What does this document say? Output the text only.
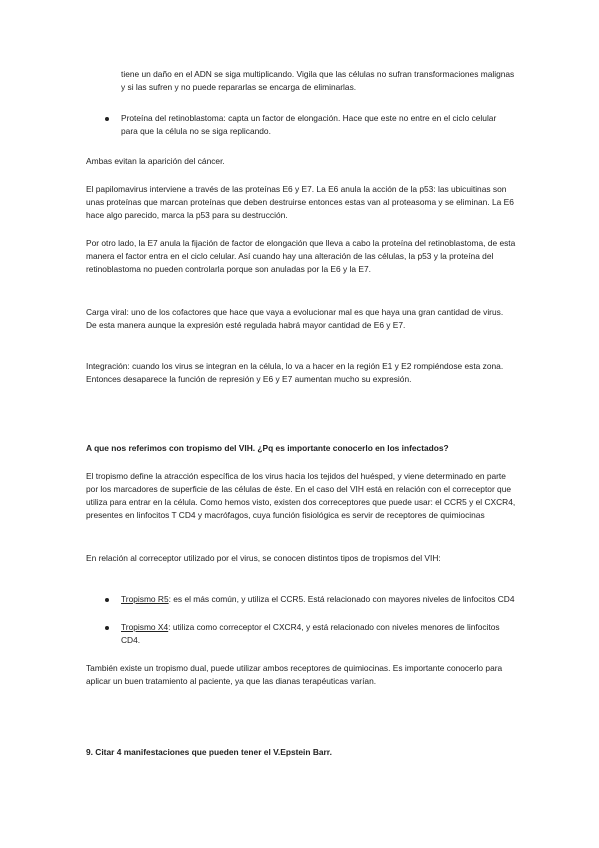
tiene un daño en el ADN se siga multiplicando. Vigila que las células no sufran transformaciones malignas y si las sufren y no puede repararlas se encarga de eliminarlas.

Proteína del retinoblastoma: capta un factor de elongación. Hace que este no entre en el ciclo celular para que la célula no se siga replicando.

Ambas evitan la aparición del cáncer.

El papilomavirus interviene a través de las proteínas E6 y E7. La E6 anula la acción de la p53: las ubicuitinas son unas proteínas que marcan proteínas que deben destruirse entonces estas van al proteasoma y se eliminan. La E6 hace algo parecido, marca la p53 para su destrucción.

Por otro lado, la E7 anula la fijación de factor de elongación que lleva a cabo la proteína del retinoblastoma, de esta manera el factor entra en el ciclo celular. Así cuando hay una alteración de las células, la p53 y la proteína del retinoblastoma no pueden controlarla porque son anuladas por la E6 y la E7.

Carga viral: uno de los cofactores que hace que vaya a evolucionar mal es que haya una gran cantidad de virus. De esta manera aunque la expresión esté regulada habrá mayor cantidad de E6 y E7.

Integración: cuando los virus se integran en la célula, lo va a hacer en la región E1 y E2 rompiéndose esta zona. Entonces desaparece la función de represión y E6 y E7 aumentan mucho su expresión.

A que nos referimos con tropismo del VIH. ¿Pq es importante conocerlo en los infectados?

El tropismo define la atracción específica de los virus hacia los tejidos del huésped, y viene determinado en parte por los marcadores de superficie de las células de éste. En el caso del VIH está en relación con el correceptor que utiliza para entrar en la célula. Como hemos visto, existen dos correceptores que puede usar: el CCR5 y el CXCR4, presentes en linfocitos T CD4 y macrófagos, cuya función fisiológica es servir de receptores de quimiocinas

En relación al correceptor utilizado por el virus, se conocen distintos tipos de tropismos del VIH:

Tropismo R5: es el más común, y utiliza el CCR5. Está relacionado con mayores niveles de linfocitos CD4

Tropismo X4: utiliza como correceptor el CXCR4, y está relacionado con niveles menores de linfocitos CD4.

También existe un tropismo dual, puede utilizar ambos receptores de quimiocinas. Es importante conocerlo para aplicar un buen tratamiento al paciente, ya que las dianas terapéuticas varían.

9. Citar 4 manifestaciones que pueden tener el V.Epstein Barr.
